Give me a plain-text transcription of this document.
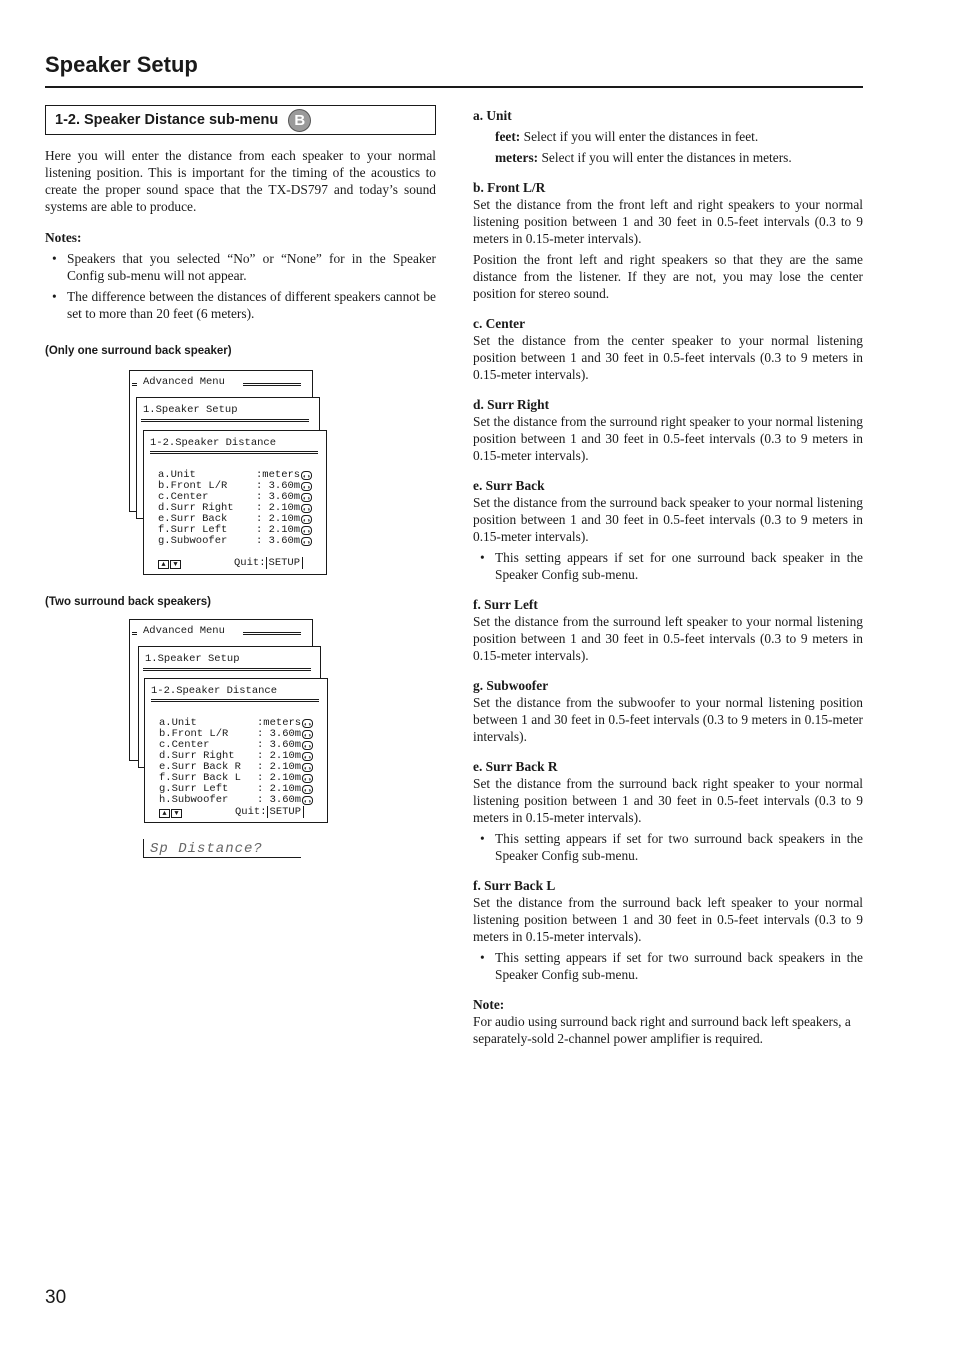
Speaker Setup
1-2. Speaker Distance sub-menu	B

Here you will enter the distance from each speaker to your normal listening position. This is important for the timing of the acoustics to create the proper sound space that the TX-DS797 and today’s sound systems are able to produce.

Notes:
• Speakers that you selected “No” or “None” for in the Speaker Config sub-menu will not appear.
• The difference between the distances of different speakers cannot be set to more than 20 feet (6 meters).
(Only one surround back speaker)
Advanced Menu
1.Speaker Setup
1-2.Speaker Distance
a.Unit	:meters ◐◑
b.Front L/R	: 3.60m ◐◑
c.Center	: 3.60m ◐◑
d.Surr Right : 2.10m ◐◑
e.Surr Back	: 2.10m ◐◑
f.Surr Left	: 2.10m ◐◑
g.Subwoofer	: 3.60m ◐◑
▲ ▼	Quit: SETUP
(Two surround back speakers)
Advanced Menu
1.Speaker Setup
1-2.Speaker Distance
a.Unit	:meters ◐◑
b.Front L/R	: 3.60m ◐◑
c.Center	: 3.60m ◐◑
d.Surr Right : 2.10m ◐◑
e.Surr Back R : 2.10m ◐◑
f.Surr Back L : 2.10m ◐◑
g.Surr Left	: 2.10m ◐◑
h.Subwoofer	: 3.60m ◐◑
▲ ▼	Quit: SETUP
Sp Distance?
a. Unit
feet: Select if you will enter the distances in feet.
meters: Select if you will enter the distances in meters.
b. Front L/R

Set the distance from the front left and right speakers to your normal listening position between 1 and 30 feet in 0.5-feet intervals (0.3 to 9 meters in 0.15-meter intervals).

Position the front left and right speakers so that they are the same distance from the listener. If they are not, you may lose the center position for stereo sound.

c. Center

Set the distance from the center speaker to your normal listening position between 1 and 30 feet in 0.5-feet intervals (0.3 to 9 meters in 0.15-meter intervals).

d. Surr Right

Set the distance from the surround right speaker to your normal listening position between 1 and 30 feet in 0.5-feet intervals (0.3 to 9 meters in 0.15-meter intervals).

e. Surr Back

Set the distance from the surround back speaker to your normal listening position between 1 and 30 feet in 0.5-feet intervals (0.3 to 9 meters in 0.15-meter intervals).

• This setting appears if set for one surround back speaker in the Speaker Config sub-menu.

f. Surr Left

Set the distance from the surround left speaker to your normal listening position between 1 and 30 feet in 0.5-feet intervals (0.3 to 9 meters in 0.15-meter intervals).

g. Subwoofer

Set the distance from the subwoofer to your normal listening position between 1 and 30 feet in 0.5-feet intervals (0.3 to 9 meters in 0.15-meter intervals).

e. Surr Back R

Set the distance from the surround back right speaker to your normal listening position between 1 and 30 feet in 0.5-feet intervals (0.3 to 9 meters in 0.15-meter intervals).

• This setting appears if set for two surround back speakers in the Speaker Config sub-menu.

f. Surr Back L

Set the distance from the surround back left speaker to your normal listening position between 1 and 30 feet in 0.5-feet intervals (0.3 to 9 meters in 0.15-meter intervals).

• This setting appears if set for two surround back speakers in the Speaker Config sub-menu.

Note:

For audio using surround back right and surround back left speakers, a separately-sold 2-channel power amplifier is required.

30
